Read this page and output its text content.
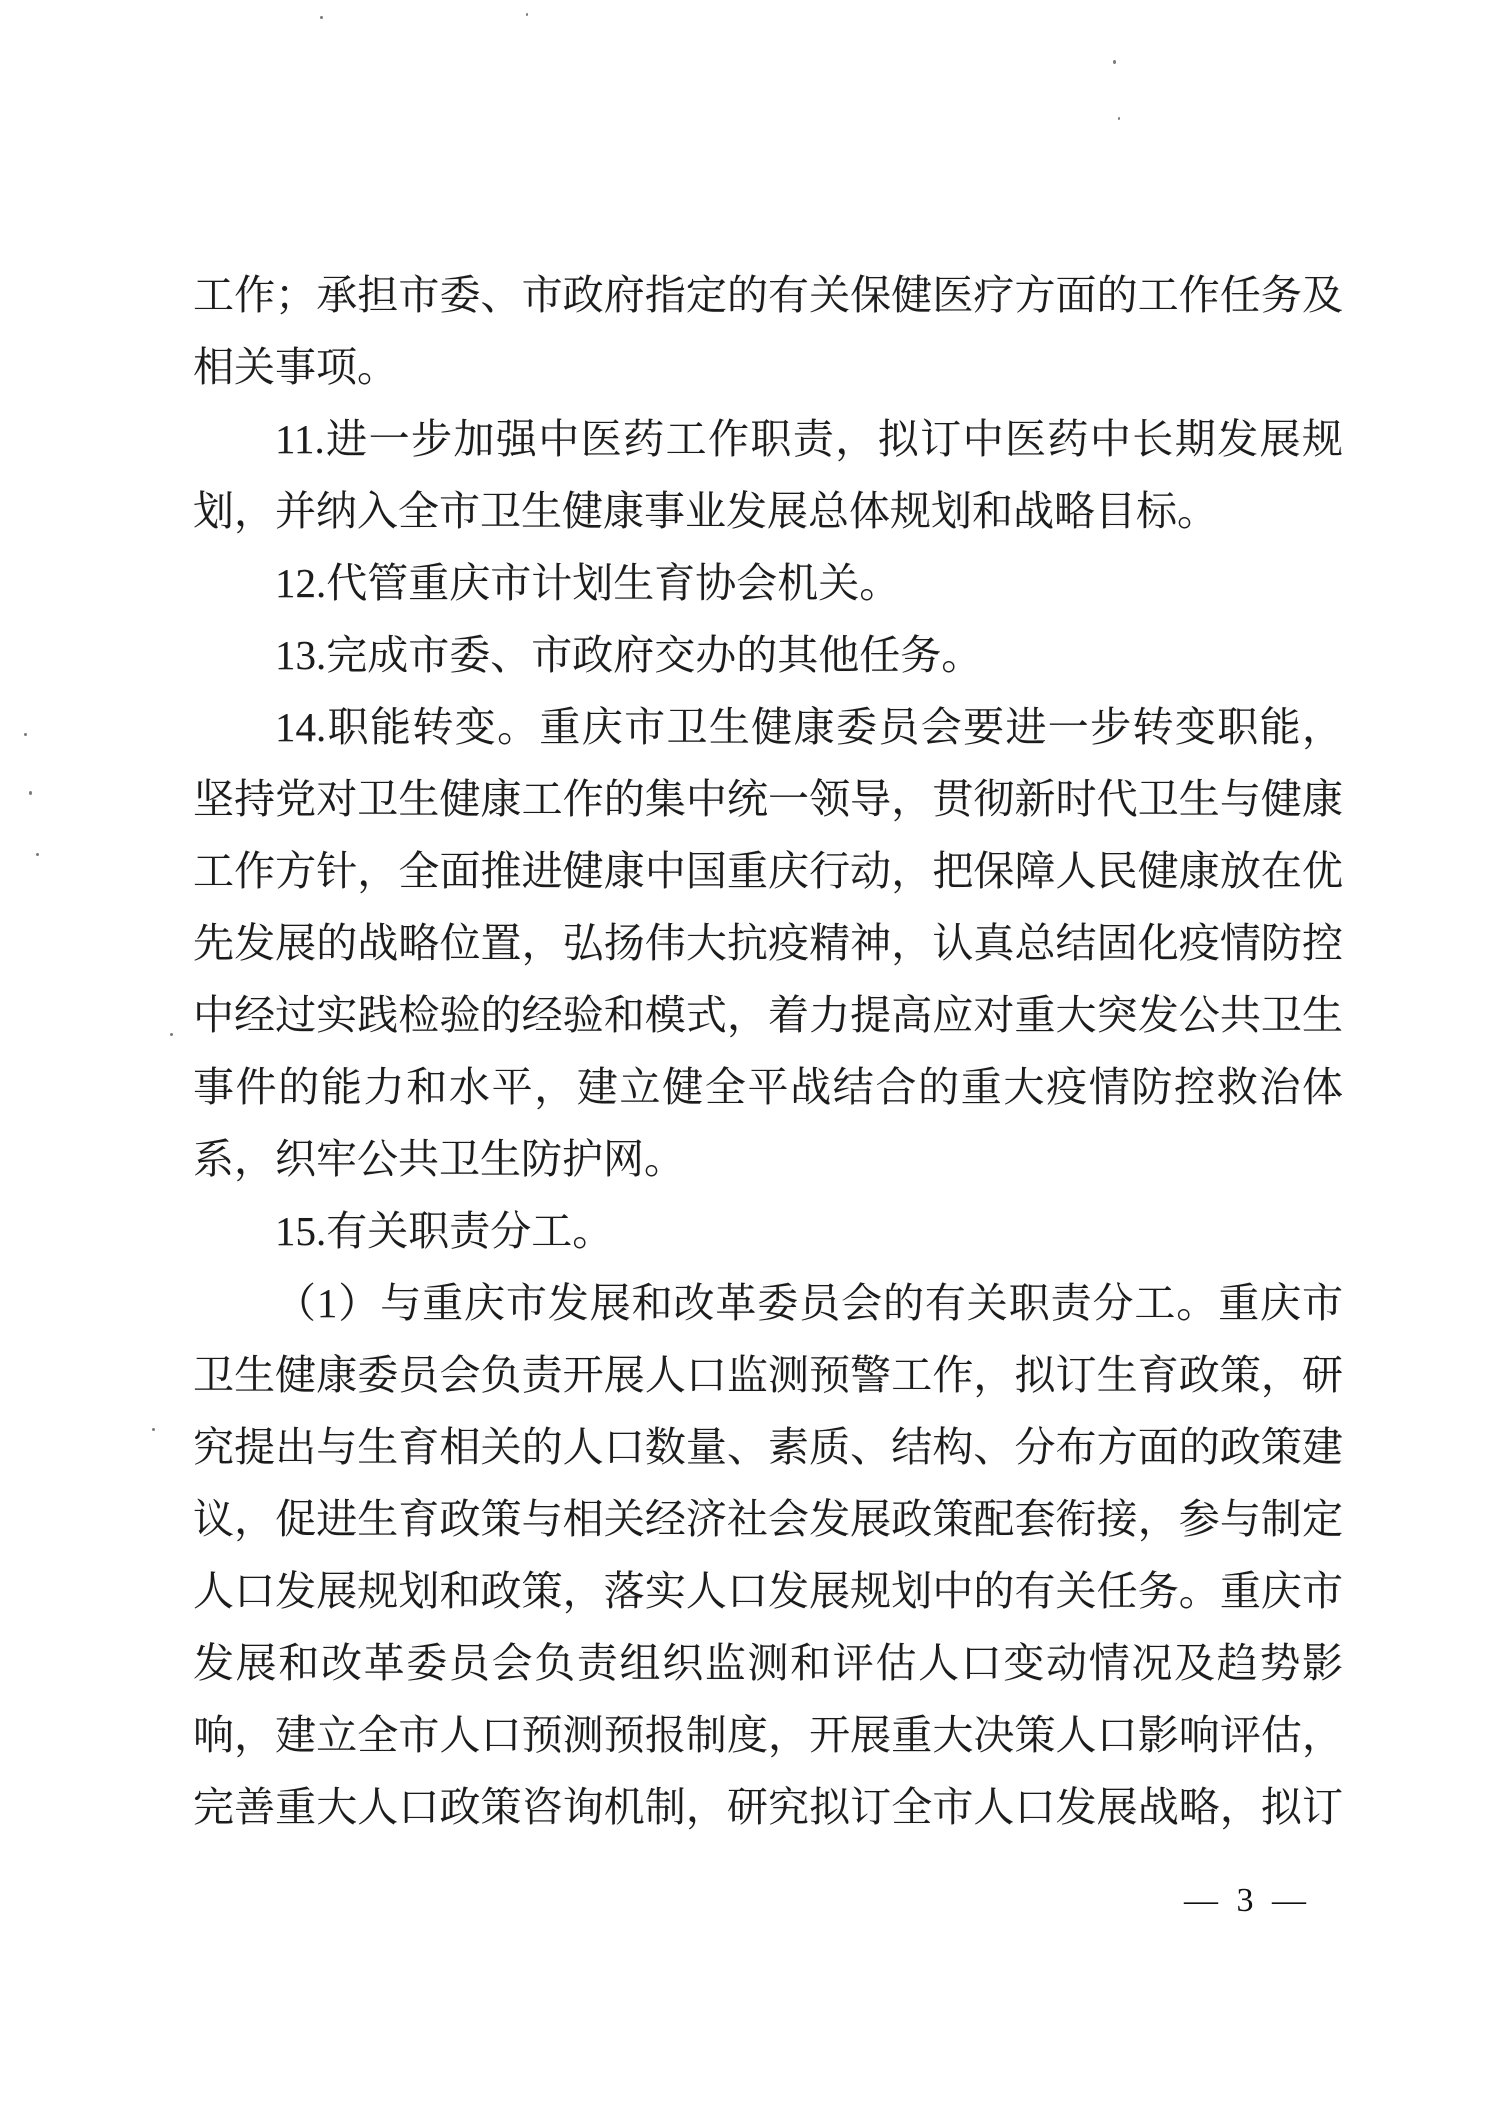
工作；承担市委、市政府指定的有关保健医疗方面的工作任务及
相关事项。
11.进一步加强中医药工作职责，拟订中医药中长期发展规
划，并纳入全市卫生健康事业发展总体规划和战略目标。
12.代管重庆市计划生育协会机关。
13.完成市委、市政府交办的其他任务。
14.职能转变。重庆市卫生健康委员会要进一步转变职能，
坚持党对卫生健康工作的集中统一领导，贯彻新时代卫生与健康
工作方针，全面推进健康中国重庆行动，把保障人民健康放在优
先发展的战略位置，弘扬伟大抗疫精神，认真总结固化疫情防控
中经过实践检验的经验和模式，着力提高应对重大突发公共卫生
事件的能力和水平，建立健全平战结合的重大疫情防控救治体
系，织牢公共卫生防护网。
15.有关职责分工。
（1）与重庆市发展和改革委员会的有关职责分工。重庆市
卫生健康委员会负责开展人口监测预警工作，拟订生育政策，研
究提出与生育相关的人口数量、素质、结构、分布方面的政策建
议，促进生育政策与相关经济社会发展政策配套衔接，参与制定
人口发展规划和政策，落实人口发展规划中的有关任务。重庆市
发展和改革委员会负责组织监测和评估人口变动情况及趋势影
响，建立全市人口预测预报制度，开展重大决策人口影响评估，
完善重大人口政策咨询机制，研究拟订全市人口发展战略，拟订
— 3 —
